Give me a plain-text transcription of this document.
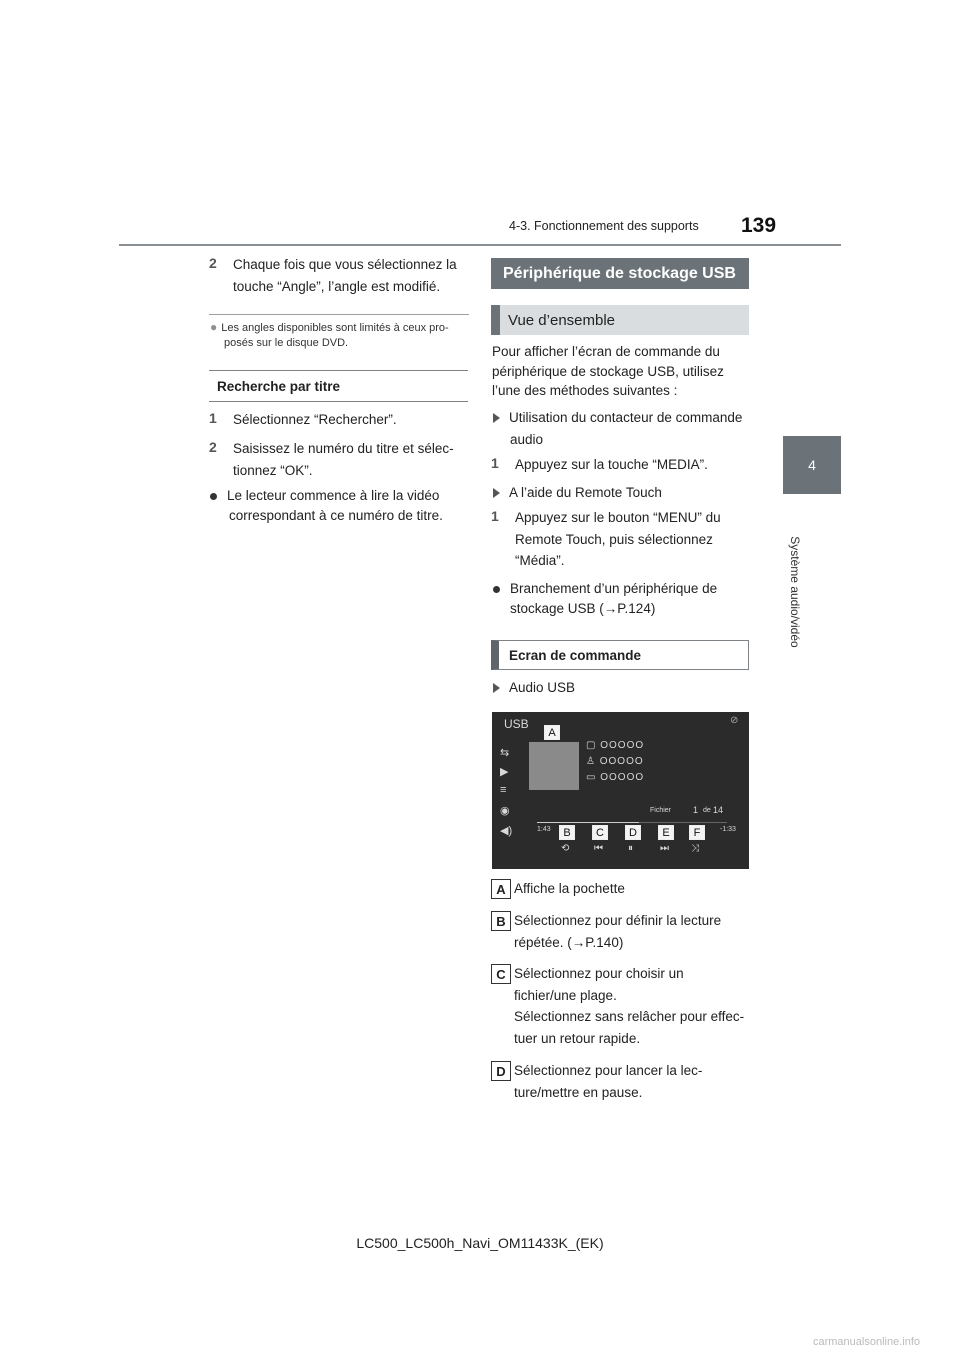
4-3. Fonctionnement des supports 139
4
Système audio/vidéo
2 Chaque fois que vous sélectionnez la
touche “Angle”, l’angle est modifié.
● Les angles disponibles sont limités à ceux pro-
posés sur le disque DVD.
Recherche par titre
1 Sélectionnez “Rechercher”.
2 Saisissez le numéro du titre et sélec-
tionnez “OK”.
Le lecteur commence à lire la vidéo
correspondant à ce numéro de titre.
Périphérique de stockage USB
Vue d’ensemble
Pour afficher l’écran de commande du
périphérique de stockage USB, utilisez
l’une des méthodes suivantes :
Utilisation du contacteur de commande
audio
1 Appuyez sur la touche “MEDIA”.
A l’aide du Remote Touch
1 Appuyez sur le bouton “MENU” du
Remote Touch, puis sélectionnez
“Média”.
Branchement d’un périphérique de
stockage USB (→P.124)
Ecran de commande
Audio USB
USB	⊘
⇆
▶
≡
◉
◀)
A
▢ OOOOO
♙ OOOOO
▭ OOOOO
Fichier 1 de 14
1:43	-1:33
B	C	D	E	F
⟲ ⏮	⏸	⏭ ⤨
A Affiche la pochette
B Sélectionnez pour définir la lecture
répétée. (→P.140)
C Sélectionnez pour choisir un
fichier/une plage.
Sélectionnez sans relâcher pour effec-
tuer un retour rapide.
D Sélectionnez pour lancer la lec-
ture/mettre en pause.
LC500_LC500h_Navi_OM11433K_(EK)
carmanualsonline.info
